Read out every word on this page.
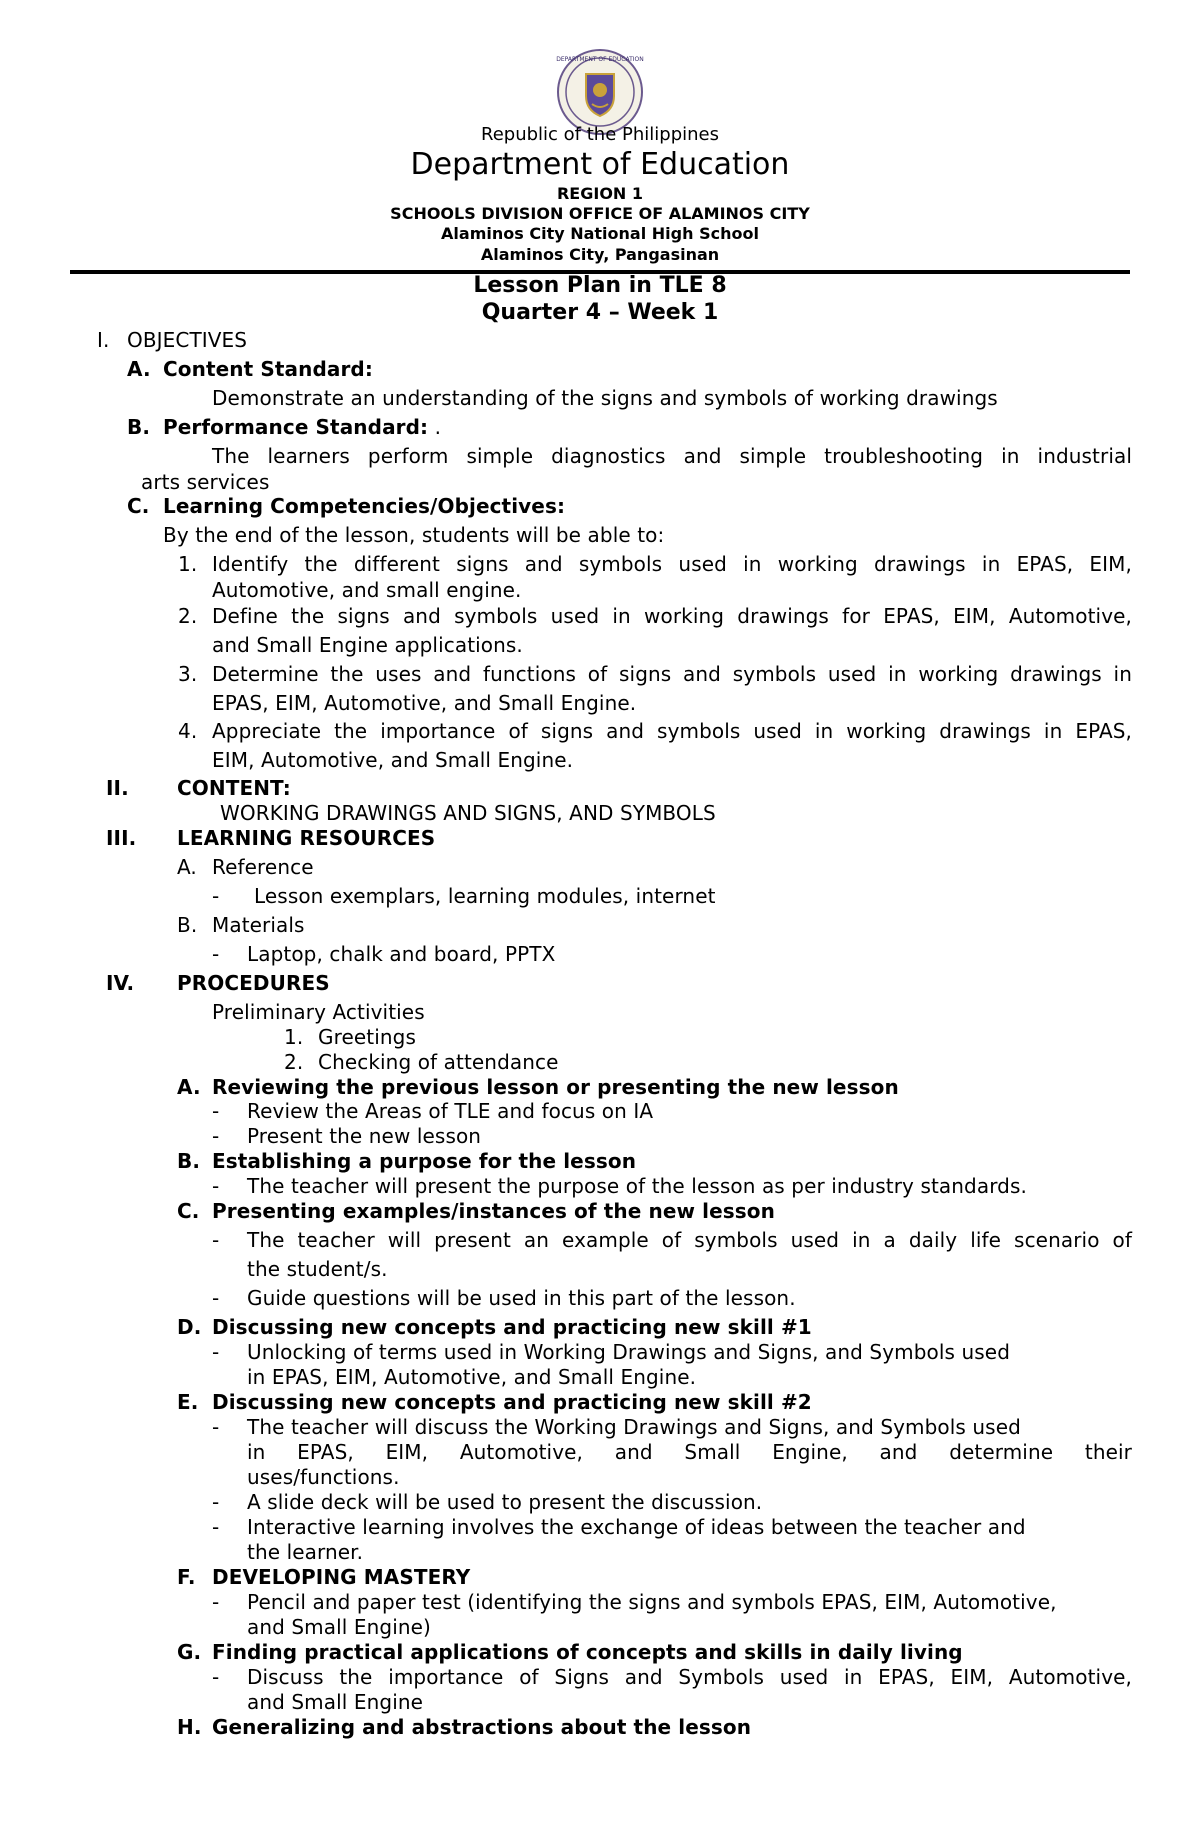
DEPARTMENT OF EDUCATION
Republic of the Philippines
Department of Education
REGION 1
SCHOOLS DIVISION OFFICE OF ALAMINOS CITY
Alaminos City National High School
Alaminos City, Pangasinan
Lesson Plan in TLE 8
Quarter 4 – Week 1
I. OBJECTIVES
A. Content Standard:
Demonstrate an understanding of the signs and symbols of working drawings
B. Performance Standard: .
The learners perform simple diagnostics and simple troubleshooting in industrial
arts services
C. Learning Competencies/Objectives:
By the end of the lesson, students will be able to:
1. Identify the different signs and symbols used in working drawings in EPAS, EIM,
Automotive, and small engine.
2. Define the signs and symbols used in working drawings for EPAS, EIM, Automotive,
and Small Engine applications.
3. Determine the uses and functions of signs and symbols used in working drawings in
EPAS, EIM, Automotive, and Small Engine.
4. Appreciate the importance of signs and symbols used in working drawings in EPAS,
EIM, Automotive, and Small Engine.
II. CONTENT:
WORKING DRAWINGS AND SIGNS, AND SYMBOLS
III. LEARNING RESOURCES
A. Reference
- Lesson exemplars, learning modules, internet
B. Materials
- Laptop, chalk and board, PPTX
IV. PROCEDURES
Preliminary Activities
1. Greetings
2. Checking of attendance
A. Reviewing the previous lesson or presenting the new lesson
- Review the Areas of TLE and focus on IA
- Present the new lesson
B. Establishing a purpose for the lesson
- The teacher will present the purpose of the lesson as per industry standards.
C. Presenting examples/instances of the new lesson
- The teacher will present an example of symbols used in a daily life scenario of
the student/s.
- Guide questions will be used in this part of the lesson.
D. Discussing new concepts and practicing new skill #1
- Unlocking of terms used in Working Drawings and Signs, and Symbols used
in EPAS, EIM, Automotive, and Small Engine.
E. Discussing new concepts and practicing new skill #2
- The teacher will discuss the Working Drawings and Signs, and Symbols used
in EPAS, EIM, Automotive, and Small Engine, and determine their
uses/functions.
- A slide deck will be used to present the discussion.
- Interactive learning involves the exchange of ideas between the teacher and
the learner.
F. DEVELOPING MASTERY
- Pencil and paper test (identifying the signs and symbols EPAS, EIM, Automotive,
and Small Engine)
G. Finding practical applications of concepts and skills in daily living
- Discuss the importance of Signs and Symbols used in EPAS, EIM, Automotive,
and Small Engine
H. Generalizing and abstractions about the lesson
